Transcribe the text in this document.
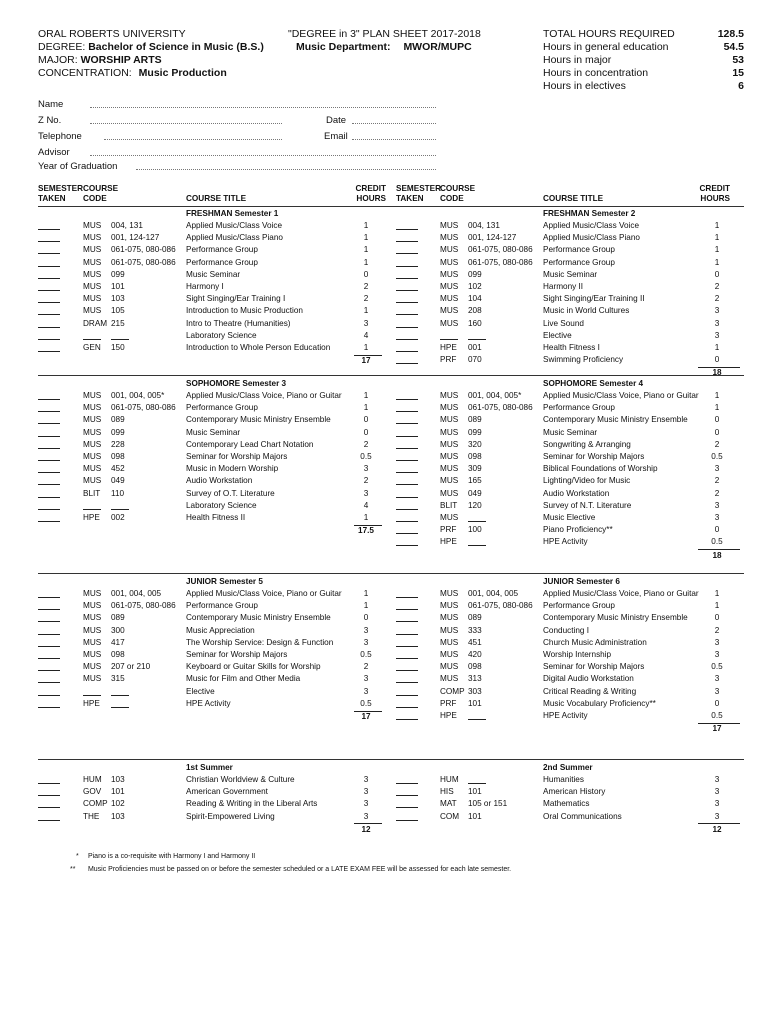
ORAL ROBERTS UNIVERSITY
DEGREE: Bachelor of Science in Music (B.S.)
MAJOR: WORSHIP ARTS
CONCENTRATION: Music Production
"DEGREE in 3" PLAN SHEET 2017-2018
Music Department: MWOR/MUPC
TOTAL HOURS REQUIRED	128.5
Hours in general education	54.5
Hours in major	53
Hours in concentration	15
Hours in electives	6
Name
Z No.	Date
Telephone	Email
Advisor
Year of Graduation
SEMESTER
TAKEN
COURSE
CODE	COURSE TITLE
CREDIT
HOURS
SEMESTER
TAKEN
COURSE
CODE	COURSE TITLE
CREDIT
HOURS
FRESHMAN Semester 1
MUS 004, 131	Applied Music/Class Voice	1
MUS 001, 124-127	Applied Music/Class Piano	1
MUS 061-075, 080-086 Performance Group	1
MUS 061-075, 080-086 Performance Group	1
MUS 099	Music Seminar	0
MUS 101	Harmony I	2
MUS 103	Sight Singing/Ear Training I	2
MUS 105	Introduction to Music Production	1
DRAM 215	Intro to Theatre (Humanities)	3
Laboratory Science	4
GEN 150	Introduction to Whole Person Education	1
17
FRESHMAN Semester 2
MUS 004, 131	Applied Music/Class Voice	1
MUS 001, 124-127	Applied Music/Class Piano	1
MUS 061-075, 080-086 Performance Group	1
MUS 061-075, 080-086 Performance Group	1
MUS 099	Music Seminar	0
MUS 102	Harmony II	2
MUS 104	Sight Singing/Ear Training II	2
MUS 208	Music in World Cultures	3
MUS 160	Live Sound	3
Elective	3
HPE 001	Health Fitness I	1
PRF 070	Swimming Proficiency	0
18
SOPHOMORE Semester 3
MUS 001, 004, 005*	Applied Music/Class Voice, Piano or Guitar	1
MUS 061-075, 080-086 Performance Group	1
MUS 089	Contemporary Music Ministry Ensemble	0
MUS 099	Music Seminar	0
MUS 228	Contemporary Lead Chart Notation	2
MUS 098	Seminar for Worship Majors	0.5
MUS 452	Music in Modern Worship	3
MUS 049	Audio Workstation	2
BLIT 110	Survey of O.T. Literature	3
Laboratory Science	4
HPE 002	Health Fitness II	1
17.5
SOPHOMORE Semester 4
MUS 001, 004, 005*	Applied Music/Class Voice, Piano or Guitar	1
MUS 061-075, 080-086 Performance Group	1
MUS 089	Contemporary Music Ministry Ensemble	0
MUS 099	Music Seminar	0
MUS 320	Songwriting & Arranging	2
MUS 098	Seminar for Worship Majors	0.5
MUS 309	Biblical Foundations of Worship	3
MUS 165	Lighting/Video for Music	2
MUS 049	Audio Workstation	2
BLIT 120	Survey of N.T. Literature	3
MUS	Music Elective	3
PRF 100	Piano Proficiency**	0
HPE	HPE Activity	0.5
18
JUNIOR Semester 5
MUS 001, 004, 005	Applied Music/Class Voice, Piano or Guitar	1
MUS 061-075, 080-086 Performance Group	1
MUS 089	Contemporary Music Ministry Ensemble	0
MUS 300	Music Appreciation	3
MUS 417	The Worship Service: Design & Function	3
MUS 098	Seminar for Worship Majors	0.5
MUS 207 or 210	Keyboard or Guitar Skills for Worship	2
MUS 315	Music for Film and Other Media	3
Elective	3
HPE	HPE Activity	0.5
17
JUNIOR Semester 6
MUS 001, 004, 005	Applied Music/Class Voice, Piano or Guitar	1
MUS 061-075, 080-086 Performance Group	1
MUS 089	Contemporary Music Ministry Ensemble	0
MUS 333	Conducting I	2
MUS 451	Church Music Administration	3
MUS 420	Worship Internship	3
MUS 098	Seminar for Worship Majors	0.5
MUS 313	Digital Audio Workstation	3
COMP 303	Critical Reading & Writing	3
PRF 101	Music Vocabulary Proficiency**	0
HPE	HPE Activity	0.5
17
1st Summer
HUM 103	Christian Worldview & Culture	3
GOV 101	American Government	3
COMP 102	Reading & Writing in the Liberal Arts	3
THE 103	Spirit-Empowered Living	3
12
2nd Summer
HUM	Humanities	3
HIS 101	American History	3
MAT 105 or 151	Mathematics	3
COM 101	Oral Communications	3
12
* Piano is a co-requisite with Harmony I and Harmony II
** Music Proficiencies must be passed on or before the semester scheduled or a LATE EXAM FEE will be assessed for each late semester.
